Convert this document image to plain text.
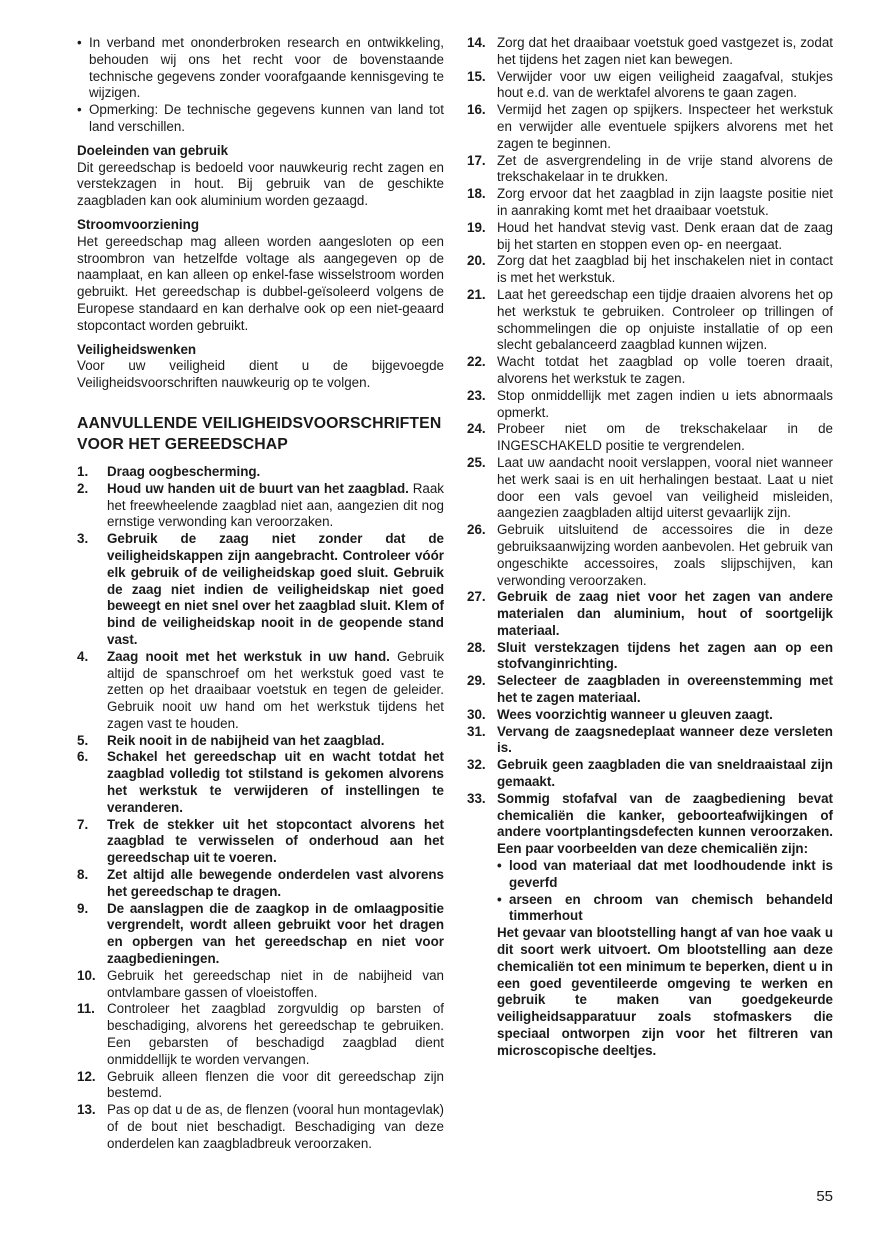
• In verband met ononderbroken research en ontwikkeling, behouden wij ons het recht voor de bovenstaande technische gegevens zonder voorafgaande kennisgeving te wijzigen.
• Opmerking: De technische gegevens kunnen van land tot land verschillen.
Doeleinden van gebruik

Dit gereedschap is bedoeld voor nauwkeurig recht zagen en verstekzagen in hout. Bij gebruik van de geschikte zaagbladen kan ook aluminium worden gezaagd.

Stroomvoorziening

Het gereedschap mag alleen worden aangesloten op een stroombron van hetzelfde voltage als aangegeven op de naamplaat, en kan alleen op enkel-fase wisselstroom worden gebruikt. Het gereedschap is dubbel-geïsoleerd volgens de Europese standaard en kan derhalve ook op een niet-geaard stopcontact worden gebruikt.

Veiligheidswenken

Voor uw veiligheid dient u de bijgevoegde Veiligheidsvoorschriften nauwkeurig op te volgen.

AANVULLENDE VEILIGHEIDSVOORSCHRIFTEN VOOR HET GEREEDSCHAP
1.	Draag oogbescherming.
2.	Houd uw handen uit de buurt van het zaagblad. Raak het freewheelende zaagblad niet aan, aangezien dit nog ernstige verwonding kan veroorzaken.
3.	Gebruik de zaag niet zonder dat de veiligheidskappen zijn aangebracht. Controleer vóór elk gebruik of de veiligheidskap goed sluit. Gebruik de zaag niet indien de veiligheidskap niet goed beweegt en niet snel over het zaagblad sluit. Klem of bind de veiligheidskap nooit in de geopende stand vast.
4.	Zaag nooit met het werkstuk in uw hand. Gebruik altijd de spanschroef om het werkstuk goed vast te zetten op het draaibaar voetstuk en tegen de geleider. Gebruik nooit uw hand om het werkstuk tijdens het zagen vast te houden.
5.	Reik nooit in de nabijheid van het zaagblad.
6.	Schakel het gereedschap uit en wacht totdat het zaagblad volledig tot stilstand is gekomen alvorens het werkstuk te verwijderen of instellingen te veranderen.
7.	Trek de stekker uit het stopcontact alvorens het zaagblad te verwisselen of onderhoud aan het gereedschap uit te voeren.
8.	Zet altijd alle bewegende onderdelen vast alvorens het gereedschap te dragen.
9.	De aanslagpen die de zaagkop in de omlaagpositie vergrendelt, wordt alleen gebruikt voor het dragen en opbergen van het gereedschap en niet voor zaagbedieningen.
10. Gebruik het gereedschap niet in de nabijheid van ontvlambare gassen of vloeistoffen.
11. Controleer het zaagblad zorgvuldig op barsten of beschadiging, alvorens het gereedschap te gebruiken. Een gebarsten of beschadigd zaagblad dient onmiddellijk te worden vervangen.
12. Gebruik alleen flenzen die voor dit gereedschap zijn bestemd.
13. Pas op dat u de as, de flenzen (vooral hun montagevlak) of de bout niet beschadigt. Beschadiging van deze onderdelen kan zaagbladbreuk veroorzaken.
14. Zorg dat het draaibaar voetstuk goed vastgezet is, zodat het tijdens het zagen niet kan bewegen.
15. Verwijder voor uw eigen veiligheid zaagafval, stukjes hout e.d. van de werktafel alvorens te gaan zagen.
16. Vermijd het zagen op spijkers. Inspecteer het werkstuk en verwijder alle eventuele spijkers alvorens met het zagen te beginnen.
17. Zet de asvergrendeling in de vrije stand alvorens de trekschakelaar in te drukken.
18. Zorg ervoor dat het zaagblad in zijn laagste positie niet in aanraking komt met het draaibaar voetstuk.
19. Houd het handvat stevig vast. Denk eraan dat de zaag bij het starten en stoppen even op- en neergaat.
20. Zorg dat het zaagblad bij het inschakelen niet in contact is met het werkstuk.
21. Laat het gereedschap een tijdje draaien alvorens het op het werkstuk te gebruiken. Controleer op trillingen of schommelingen die op onjuiste installatie of op een slecht gebalanceerd zaagblad kunnen wijzen.
22. Wacht totdat het zaagblad op volle toeren draait, alvorens het werkstuk te zagen.
23. Stop onmiddellijk met zagen indien u iets abnormaals opmerkt.
24. Probeer niet om de trekschakelaar in de INGESCHAKELD positie te vergrendelen.
25. Laat uw aandacht nooit verslappen, vooral niet wanneer het werk saai is en uit herhalingen bestaat. Laat u niet door een vals gevoel van veiligheid misleiden, aangezien zaagbladen altijd uiterst gevaarlijk zijn.
26. Gebruik uitsluitend de accessoires die in deze gebruiksaanwijzing worden aanbevolen. Het gebruik van ongeschikte accessoires, zoals slijpschijven, kan verwonding veroorzaken.
27. Gebruik de zaag niet voor het zagen van andere materialen dan aluminium, hout of soortgelijk materiaal.
28. Sluit verstekzagen tijdens het zagen aan op een stofvanginrichting.
29. Selecteer de zaagbladen in overeenstemming met het te zagen materiaal.
30. Wees voorzichtig wanneer u gleuven zaagt.
31. Vervang de zaagsnedeplaat wanneer deze versleten is.
32. Gebruik geen zaagbladen die van sneldraaistaal zijn gemaakt.
33. Sommig stofafval van de zaagbediening bevat chemicaliën die kanker, geboorteafwijkingen of andere voortplantingsdefecten kunnen veroorzaken. Een paar voorbeelden van deze chemicaliën zijn:

• lood van materiaal dat met loodhoudende inkt is geverfd
• arseen en chroom van chemisch behandeld timmerhout

Het gevaar van blootstelling hangt af van hoe vaak u dit soort werk uitvoert. Om blootstelling aan deze chemicaliën tot een minimum te beperken, dient u in een goed geventileerde omgeving te werken en gebruik te maken van goedgekeurde veiligheidsapparatuur zoals stofmaskers die speciaal ontworpen zijn voor het filtreren van microscopische deeltjes.

55
